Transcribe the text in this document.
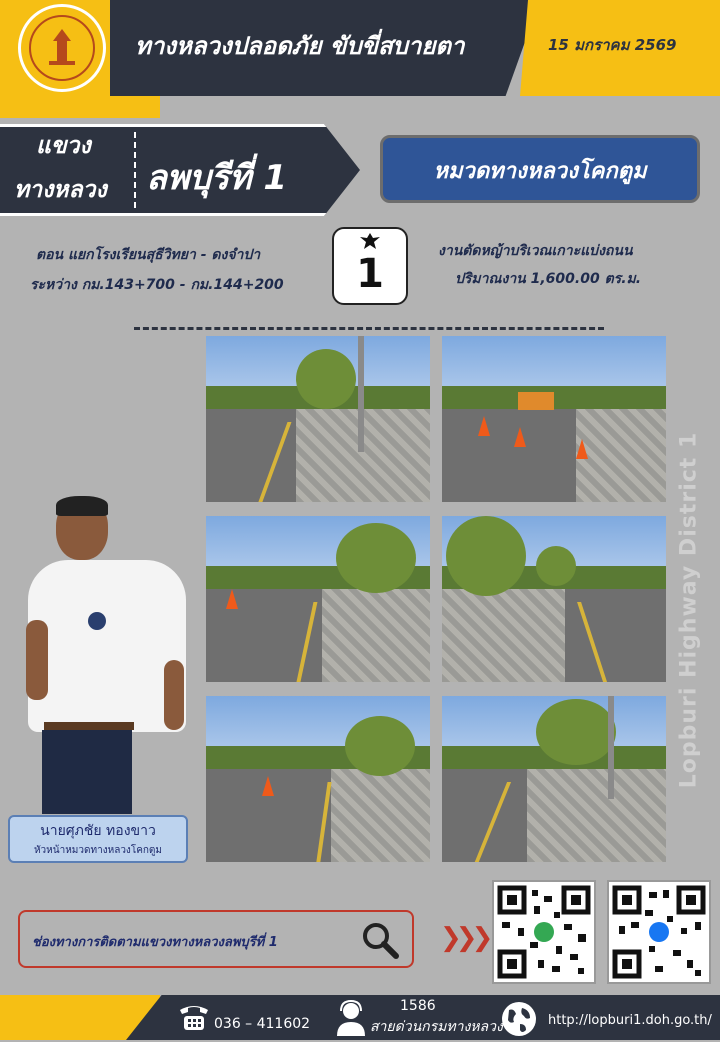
ทางหลวงปลอดภัย ขับขี่สบายตา	15 มกราคม 2569
แขวง
ทางหลวง ลพบุรีที่ 1	หมวดทางหลวงโคกตูม
ตอน แยกโรงเรียนสุธีวิทยา - ดงจำปา
ระหว่าง กม.143+700 - กม.144+200	1	งานตัดหญ้าบริเวณเกาะแบ่งถนน
ปริมาณงาน 1,600.00 ตร.ม.
Lopburi Highway District 1
นายศุภชัย ทองขาว
หัวหน้าหมวดทางหลวงโคกตูม
ช่องทางการติดตามแขวงทางหลวงลพบุรีที่ 1	❯❯❯
036 – 411602
1586
สายด่วนกรมทางหลวง	http://lopburi1.doh.go.th/
